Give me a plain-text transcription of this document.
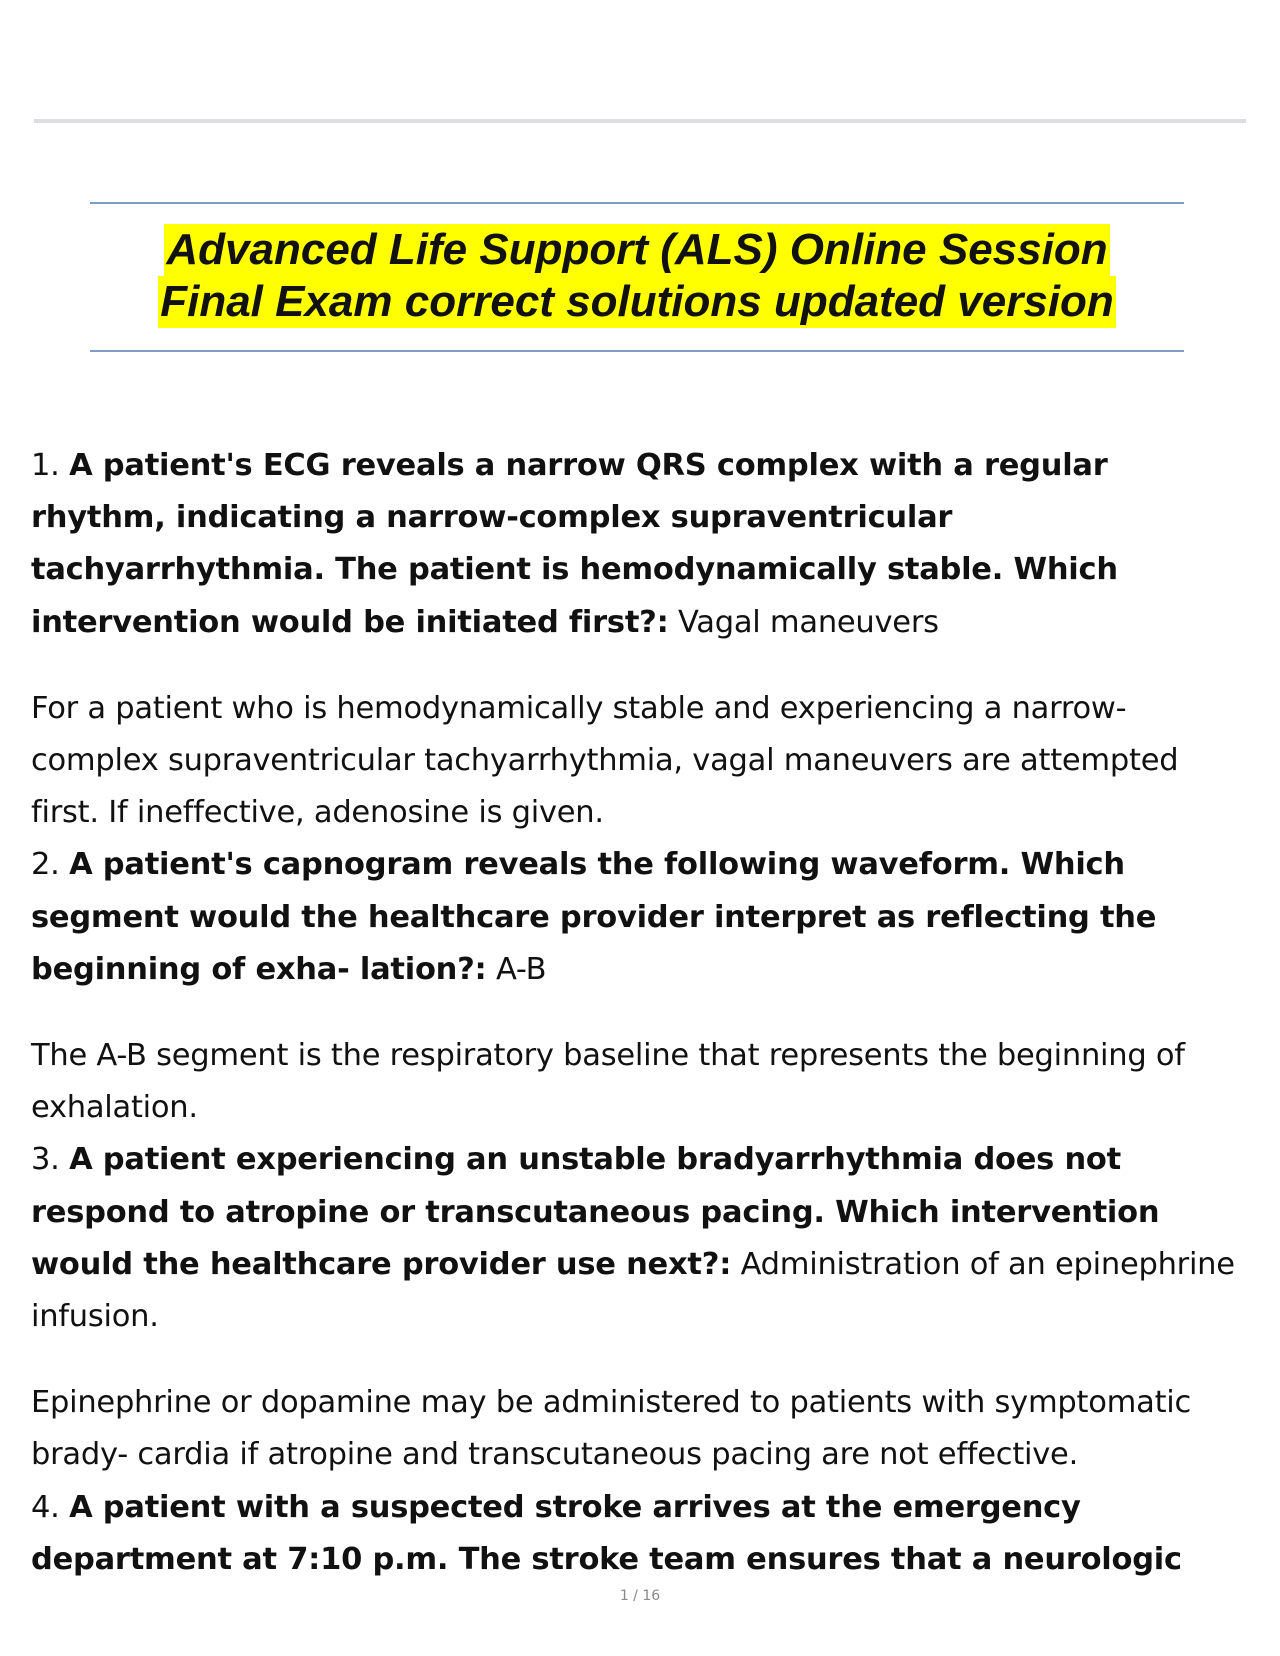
Advanced Life Support (ALS) Online Session
Final Exam correct solutions updated version

1. A patient's ECG reveals a narrow QRS complex with a regular rhythm, indicating a narrow-complex supraventricular tachyarrhythmia. The patient is hemodynamically stable. Which intervention would be initiated first?: Vagal maneuvers

For a patient who is hemodynamically stable and experiencing a narrow-complex supraventricular tachyarrhythmia, vagal maneuvers are attempted first. If ineffective, adenosine is given.

2. A patient's capnogram reveals the following waveform. Which segment would the healthcare provider interpret as reflecting the beginning of exha- lation?: A-B

The A-B segment is the respiratory baseline that represents the beginning of exhalation.

3. A patient experiencing an unstable bradyarrhythmia does not respond to atropine or transcutaneous pacing. Which intervention would the healthcare provider use next?: Administration of an epinephrine infusion.

Epinephrine or dopamine may be administered to patients with symptomatic brady- cardia if atropine and transcutaneous pacing are not effective.

4. A patient with a suspected stroke arrives at the emergency department at 7:10 p.m. The stroke team ensures that a neurologic

1 / 16
